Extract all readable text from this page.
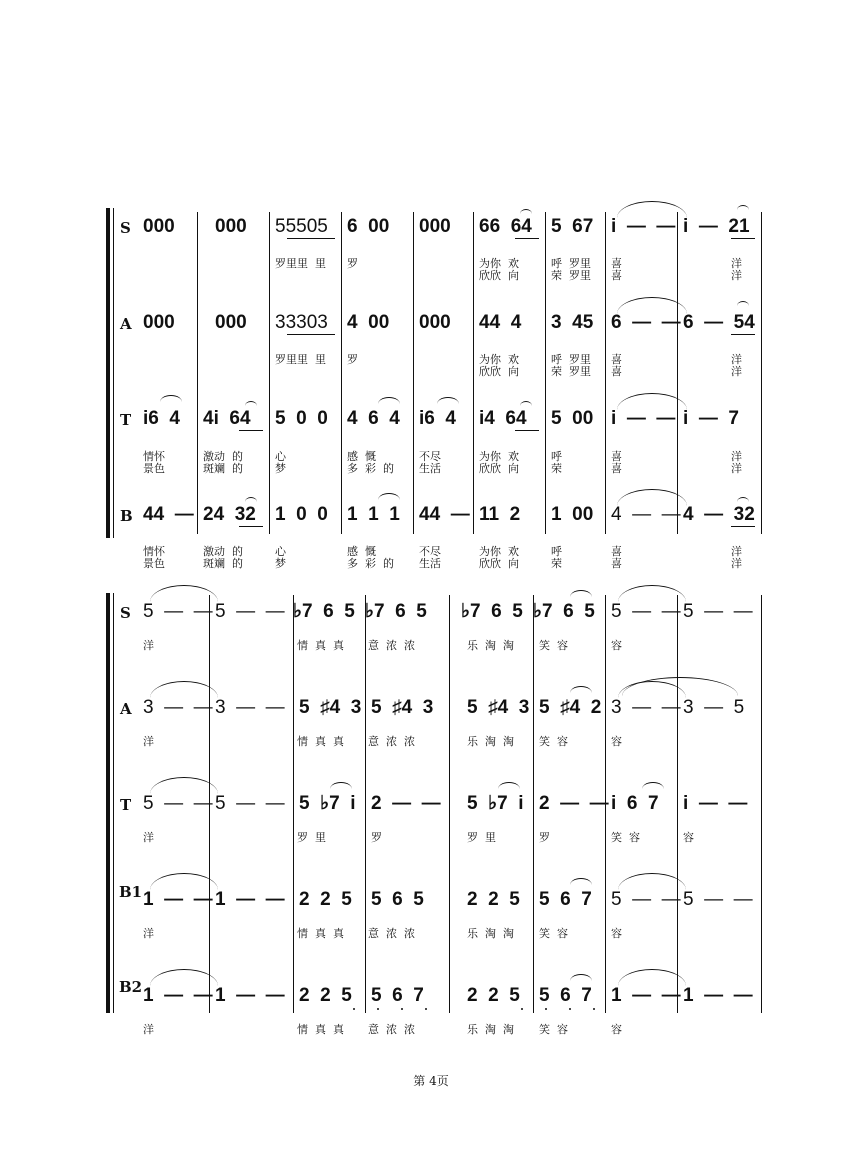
S 000 000 55505 6  00 000 66  64 5  67 i  —  — i  —  21
罗里里  里 罗	为你  欢
欣欣  向
呼  罗里
荣  罗里
喜
喜
洋
洋
A 000 000 33303 4  00 000 44  4 3  45 6  —  — 6  —  54
罗里里  里 罗	为你  欢
欣欣  向
呼  罗里
荣  罗里
喜
喜
洋
洋
T i6  4 4i  64 5  0  0 4  6  4 i6  4 i4  64 5  00 i  —  — i  —  7
情怀
景色
激动  的
斑斓  的
心
梦
感  慨
多  彩  的
不尽
生活
为你  欢
欣欣  向
呼
荣
喜
喜
洋
洋
B 44  — 24  32 1  0  0 1  1  1 44  — 11  2 1  00 4  —  — 4  —  32
情怀
景色
激动  的
斑斓  的
心
梦
感  慨
多  彩  的
不尽
生活
为你  欢
欣欣  向
呼
荣
喜
喜
洋
洋
S 5  —  — 5  —  — ♭7  6  5 ♭7  6  5 ♭7  6  5 ♭7  6  5 5  —  — 5  —  —
洋	情  真  真 意  浓  浓	乐  淘  淘 笑  容	容
A 3  —  — 3  —  — 5  ♯4  3 5  ♯4  3 5  ♯4  3 5  ♯4  2 3  —  — 3  —  5
洋	情  真  真 意  浓  浓	乐  淘  淘 笑  容	容
T 5  —  — 5  —  — 5  ♭7  i 2  —  — 5  ♭7  i 2  —  — i  6  7 i  —  —
洋	罗  里	罗	罗  里	罗	笑  容	容
B1 1  —  — 1  —  — 2  2  5 5  6  5 2  2  5 5  6  7 5  —  — 5  —  —
洋	情  真  真 意  浓  浓	乐  淘  淘 笑  容	容
B2 1  —  — 1  —  — 2  2  5 5  6  7 2  2  5 5  6  7 1  —  — 1  —  —
洋	情  真  真 意  浓  浓	乐  淘  淘 笑  容	容
第 4页
